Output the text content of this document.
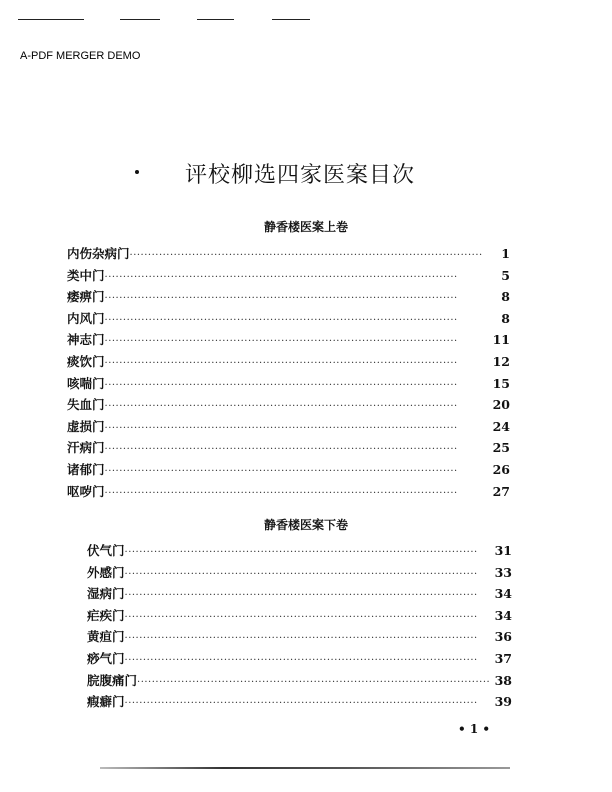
A-PDF MERGER DEMO
评校柳选四家医案目次
静香楼医案上卷
内伤杂病门 ·····	1
类中门 ·····	5
痿痹门 ·····	8
内风门 ·····	8
神志门 ·····	11
痰饮门 ·····	12
咳喘门 ·····	15
失血门 ·····	20
虚损门 ·····	24
汗病门 ·····	25
诸郁门 ·····	26
呕哕门 ·····	27
静香楼医案下卷
伏气门 ·····	31
外感门 ·····	33
湿病门 ·····	34
疟疾门 ·····	34
黄疸门 ·····	36
痧气门 ·····	37
脘腹痛门 ·····	38
瘕癖门 ·····	39
• 1 •
